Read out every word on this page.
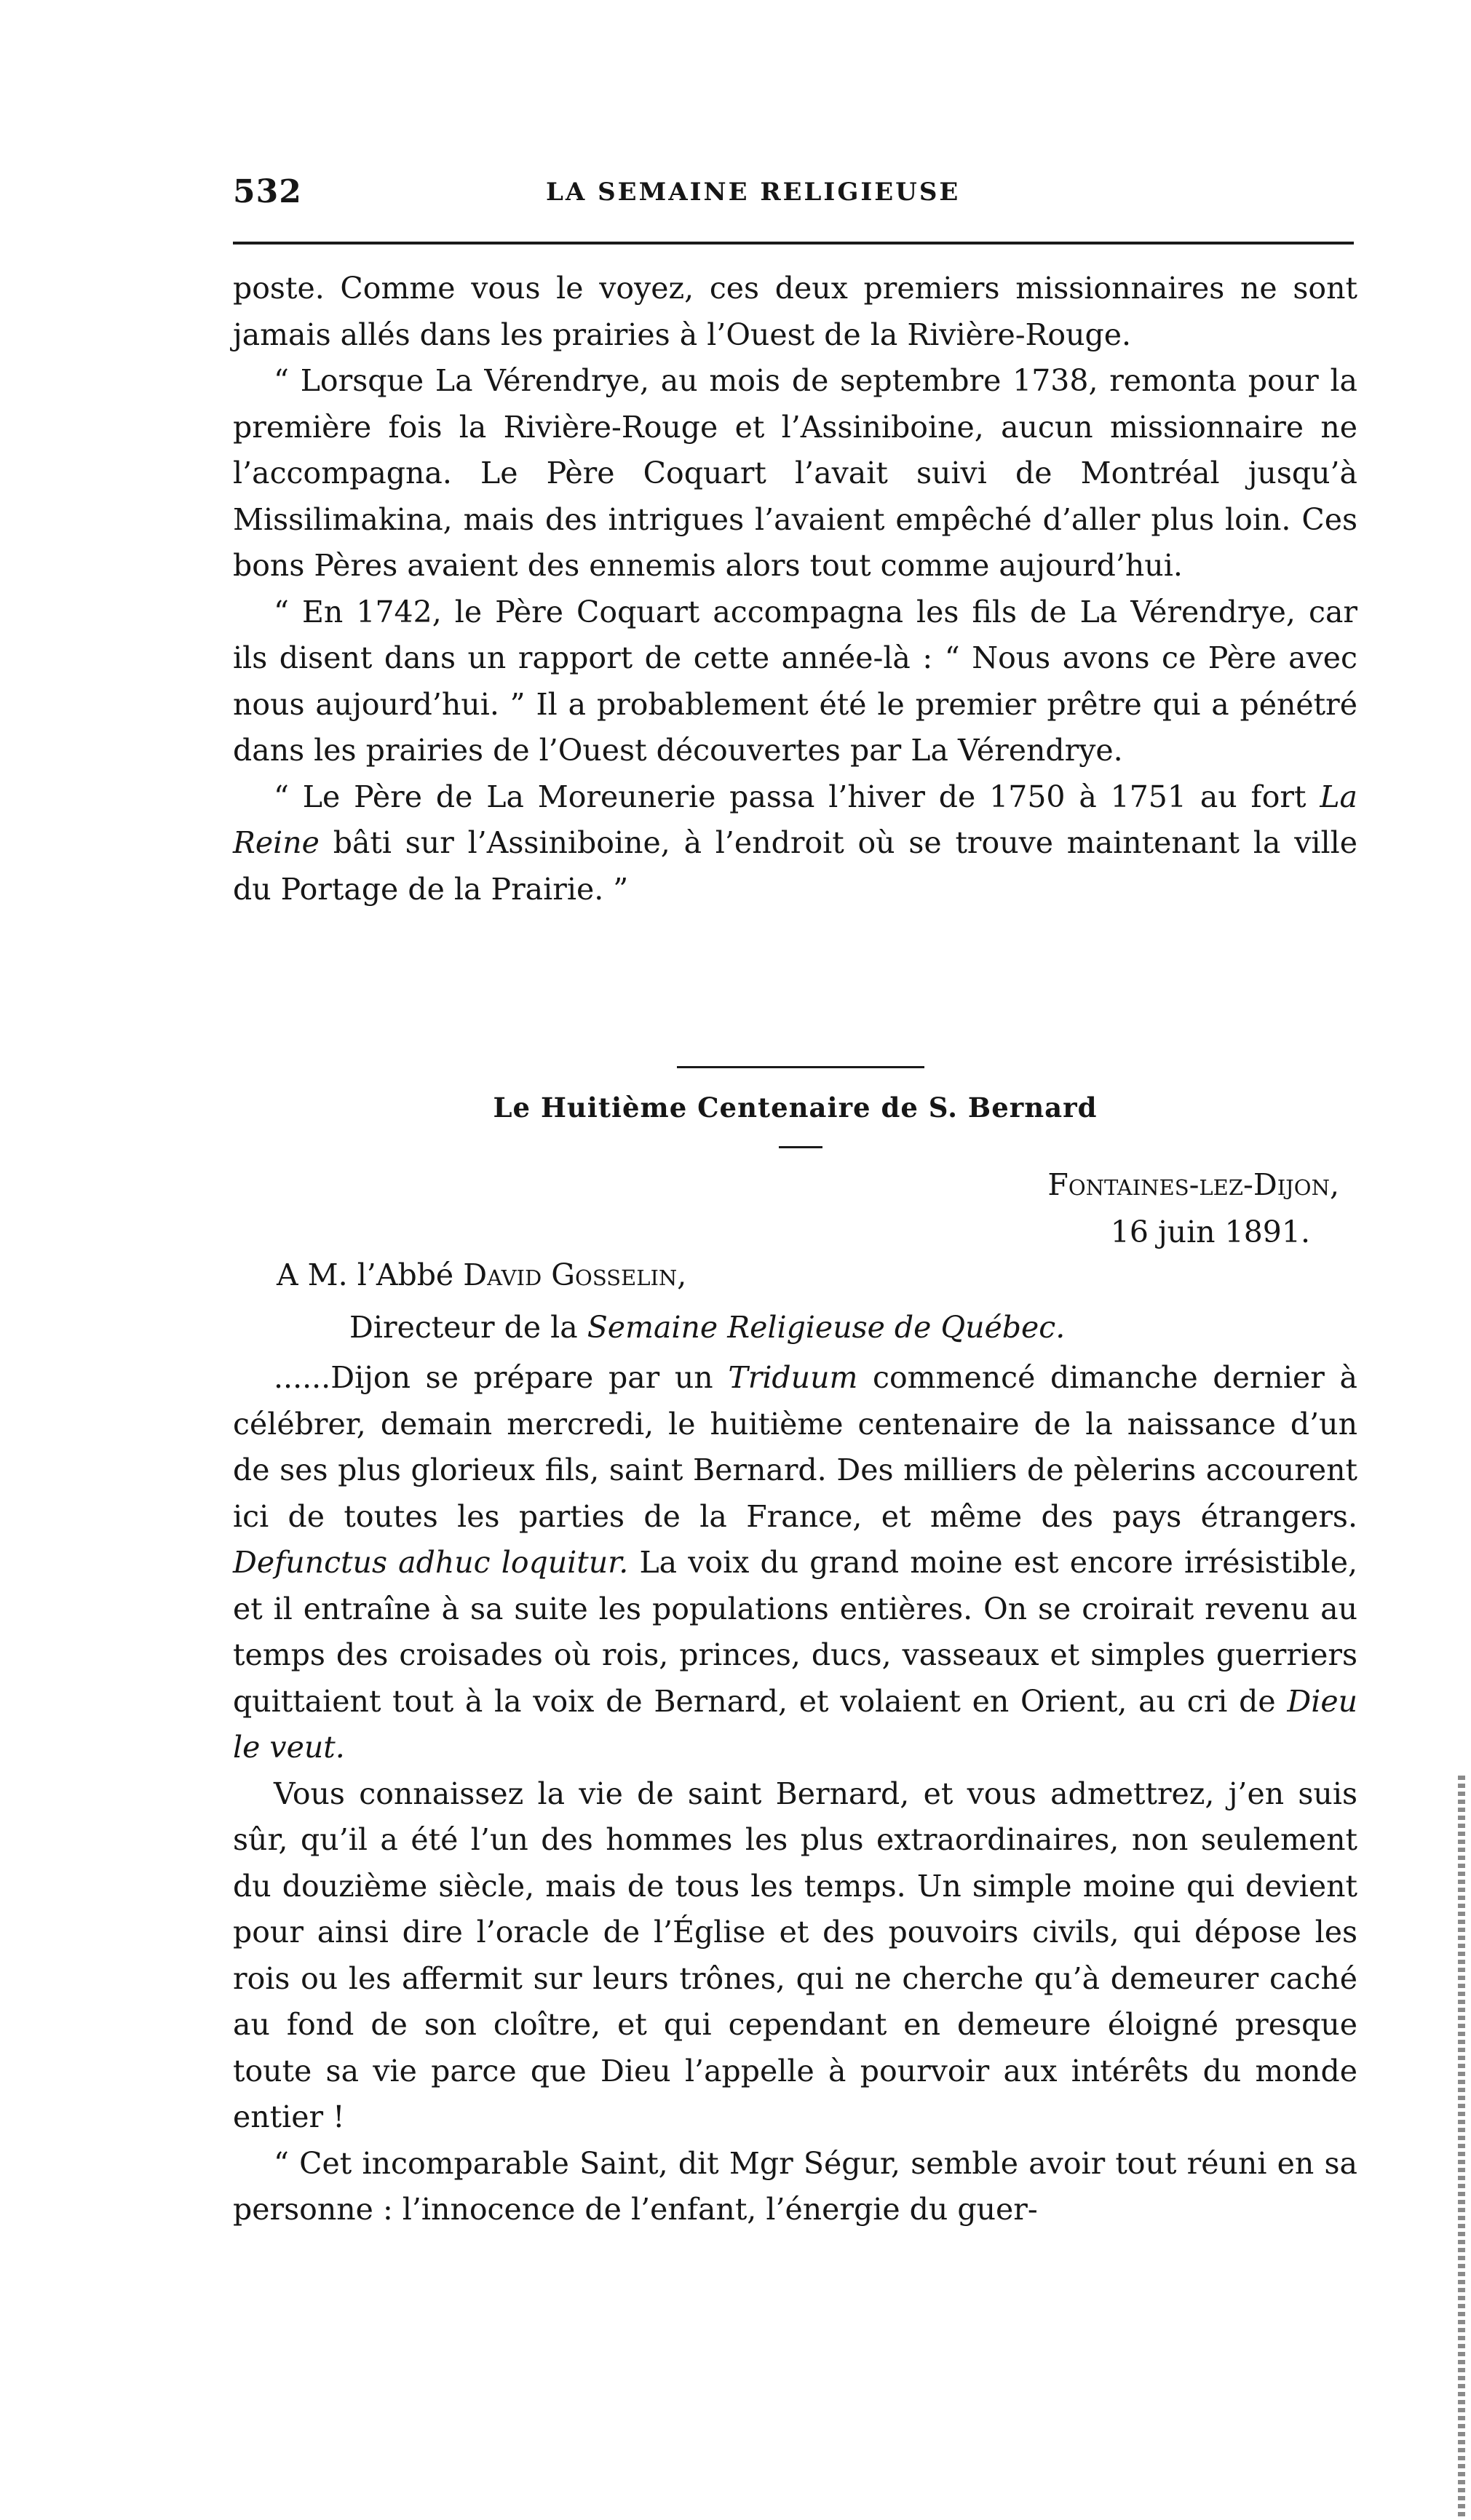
532	LA SEMAINE RELIGIEUSE

poste. Comme vous le voyez, ces deux premiers missionnaires ne sont jamais allés dans les prairies à l’Ouest de la Rivière-Rouge.

“ Lorsque La Vérendrye, au mois de septembre 1738, remonta pour la première fois la Rivière-Rouge et l’Assiniboine, aucun missionnaire ne l’accompagna. Le Père Coquart l’avait suivi de Montréal jusqu’à Missilimakina, mais des intrigues l’avaient empêché d’aller plus loin. Ces bons Pères avaient des ennemis alors tout comme aujourd’hui.

“ En 1742, le Père Coquart accompagna les fils de La Vérendrye, car ils disent dans un rapport de cette année-là : “ Nous avons ce Père avec nous aujourd’hui. ” Il a probablement été le premier prêtre qui a pénétré dans les prairies de l’Ouest découvertes par La Vérendrye.

“ Le Père de La Moreunerie passa l’hiver de 1750 à 1751 au fort La Reine bâti sur l’Assiniboine, à l’endroit où se trouve maintenant la ville du Portage de la Prairie. ”

Le Huitième Centenaire de S. Bernard
Fontaines-lez-Dijon,
16 juin 1891.
A M. l’Abbé David Gosselin,
Directeur de la Semaine Religieuse de Québec.

......Dijon se prépare par un Triduum commencé dimanche dernier à célébrer, demain mercredi, le huitième centenaire de la naissance d’un de ses plus glorieux fils, saint Bernard. Des milliers de pèlerins accourent ici de toutes les parties de la France, et même des pays étrangers. Defunctus adhuc loquitur. La voix du grand moine est encore irrésistible, et il entraîne à sa suite les populations entières. On se croirait revenu au temps des croisades où rois, princes, ducs, vasseaux et simples guerriers quittaient tout à la voix de Bernard, et volaient en Orient, au cri de Dieu le veut.

Vous connaissez la vie de saint Bernard, et vous admettrez, j’en suis sûr, qu’il a été l’un des hommes les plus extraordinaires, non seulement du douzième siècle, mais de tous les temps. Un simple moine qui devient pour ainsi dire l’oracle de l’Église et des pouvoirs civils, qui dépose les rois ou les affermit sur leurs trônes, qui ne cherche qu’à demeurer caché au fond de son cloître, et qui cependant en demeure éloigné presque toute sa vie parce que Dieu l’appelle à pourvoir aux intérêts du monde entier !

“ Cet incomparable Saint, dit Mgr Ségur, semble avoir tout réuni en sa personne : l’innocence de l’enfant, l’énergie du guer-
